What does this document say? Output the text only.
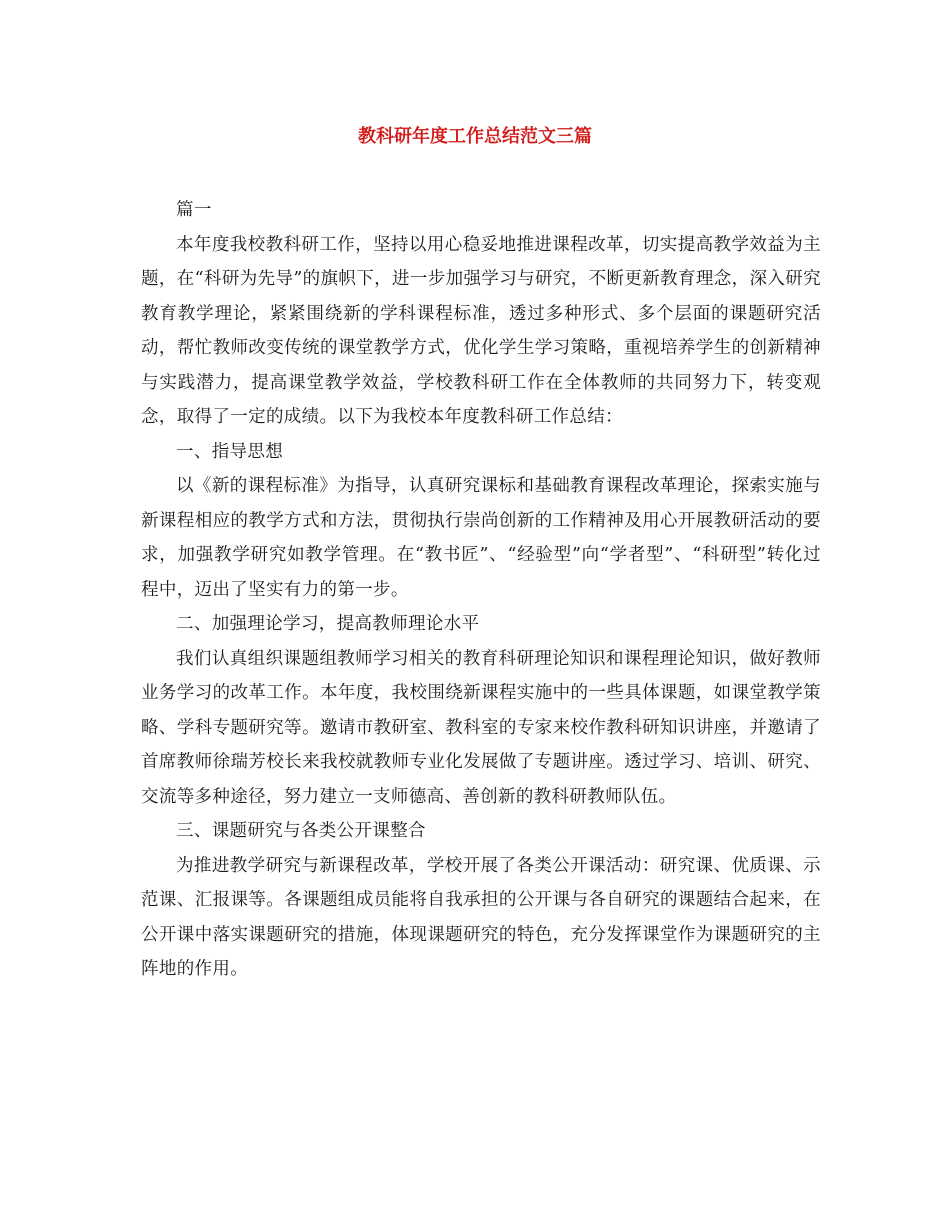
教科研年度工作总结范文三篇

篇一

本年度我校教科研工作，坚持以用心稳妥地推进课程改革，切实提高教学效益为主题，在“科研为先导”的旗帜下，进一步加强学习与研究，不断更新教育理念，深入研究教育教学理论，紧紧围绕新的学科课程标准，透过多种形式、多个层面的课题研究活动，帮忙教师改变传统的课堂教学方式，优化学生学习策略，重视培养学生的创新精神与实践潜力，提高课堂教学效益，学校教科研工作在全体教师的共同努力下，转变观念，取得了一定的成绩。以下为我校本年度教科研工作总结：

一、指导思想

以《新的课程标准》为指导，认真研究课标和基础教育课程改革理论，探索实施与新课程相应的教学方式和方法，贯彻执行崇尚创新的工作精神及用心开展教研活动的要求，加强教学研究如教学管理。在“教书匠”、“经验型”向“学者型”、“科研型”转化过程中，迈出了坚实有力的第一步。

二、加强理论学习，提高教师理论水平

我们认真组织课题组教师学习相关的教育科研理论知识和课程理论知识，做好教师业务学习的改革工作。本年度，我校围绕新课程实施中的一些具体课题，如课堂教学策略、学科专题研究等。邀请市教研室、教科室的专家来校作教科研知识讲座，并邀请了首席教师徐瑞芳校长来我校就教师专业化发展做了专题讲座。透过学习、培训、研究、交流等多种途径，努力建立一支师德高、善创新的教科研教师队伍。

三、课题研究与各类公开课整合

为推进教学研究与新课程改革，学校开展了各类公开课活动：研究课、优质课、示范课、汇报课等。各课题组成员能将自我承担的公开课与各自研究的课题结合起来，在公开课中落实课题研究的措施，体现课题研究的特色，充分发挥课堂作为课题研究的主阵地的作用。
